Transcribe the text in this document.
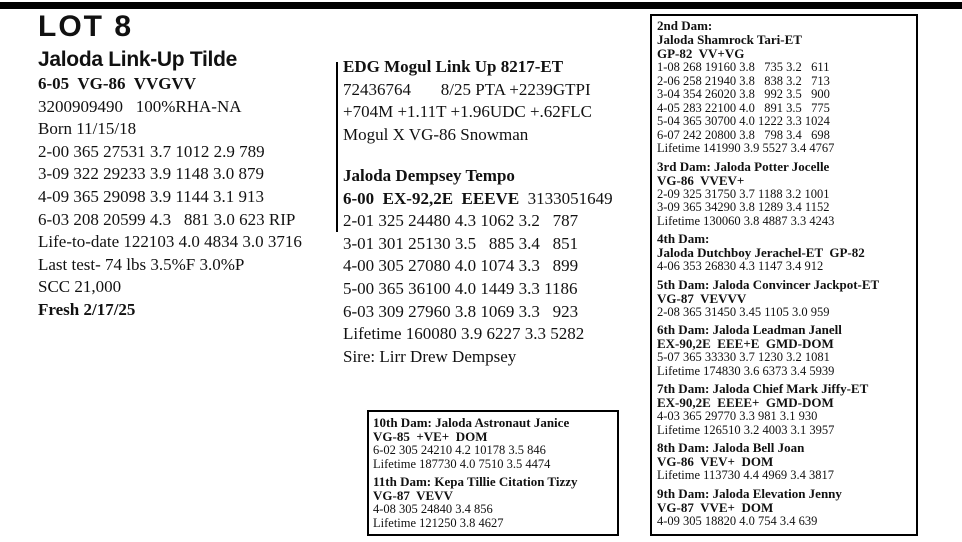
LOT 8
Jaloda Link-Up Tilde
6-05  VG-86  VVGVV
3200909490   100%RHA-NA
Born 11/15/18
2-00 365 27531 3.7 1012 2.9 789
3-09 322 29233 3.9 1148 3.0 879
4-09 365 29098 3.9 1144 3.1 913
6-03 208 20599 4.3   881 3.0 623 RIP
Life-to-date 122103 4.0 4834 3.0 3716
Last test- 74 lbs 3.5%F 3.0%P
SCC 21,000
Fresh 2/17/25
EDG Mogul Link Up 8217-ET
72436764       8/25 PTA +2239GTPI
+704M +1.11T +1.96UDC +.62FLC
Mogul X VG-86 Snowman
Jaloda Dempsey Tempo
6-00  EX-92,2E  EEEVE  3133051649
2-01 325 24480 4.3 1062 3.2   787
3-01 301 25130 3.5   885 3.4   851
4-00 305 27080 4.0 1074 3.3   899
5-00 365 36100 4.0 1449 3.3 1186
6-03 309 27960 3.8 1069 3.3   923
Lifetime 160080 3.9 6227 3.3 5282
Sire: Lirr Drew Dempsey
2nd Dam:
Jaloda Shamrock Tari-ET
GP-82  VV+VG
1-08 268 19160 3.8   735 3.2   611
2-06 258 21940 3.8   838 3.2   713
3-04 354 26020 3.8   992 3.5   900
4-05 283 22100 4.0   891 3.5   775
5-04 365 30700 4.0 1222 3.3 1024
6-07 242 20800 3.8   798 3.4   698
Lifetime 141990 3.9 5527 3.4 4767
3rd Dam: Jaloda Potter Jocelle
VG-86  VVEV+
2-09 325 31750 3.7 1188 3.2 1001
3-09 365 34290 3.8 1289 3.4 1152
Lifetime 130060 3.8 4887 3.3 4243
4th Dam:
Jaloda Dutchboy Jerachel-ET  GP-82
4-06 353 26830 4.3 1147 3.4 912
5th Dam: Jaloda Convincer Jackpot-ET
VG-87  VEVVV
2-08 365 31450 3.45 1105 3.0 959
6th Dam: Jaloda Leadman Janell
EX-90,2E  EEE+E  GMD-DOM
5-07 365 33330 3.7 1230 3.2 1081
Lifetime 174830 3.6 6373 3.4 5939
7th Dam: Jaloda Chief Mark Jiffy-ET
EX-90,2E  EEEE+  GMD-DOM
4-03 365 29770 3.3 981 3.1 930
Lifetime 126510 3.2 4003 3.1 3957
8th Dam: Jaloda Bell Joan
VG-86  VEV+  DOM
Lifetime 113730 4.4 4969 3.4 3817
9th Dam: Jaloda Elevation Jenny
VG-87  VVE+  DOM
4-09 305 18820 4.0 754 3.4 639
10th Dam: Jaloda Astronaut Janice
VG-85  +VE+  DOM
6-02 305 24210 4.2 10178 3.5 846
Lifetime 187730 4.0 7510 3.5 4474
11th Dam: Kepa Tillie Citation Tizzy
VG-87  VEVV
4-08 305 24840 3.4 856
Lifetime 121250 3.8 4627
